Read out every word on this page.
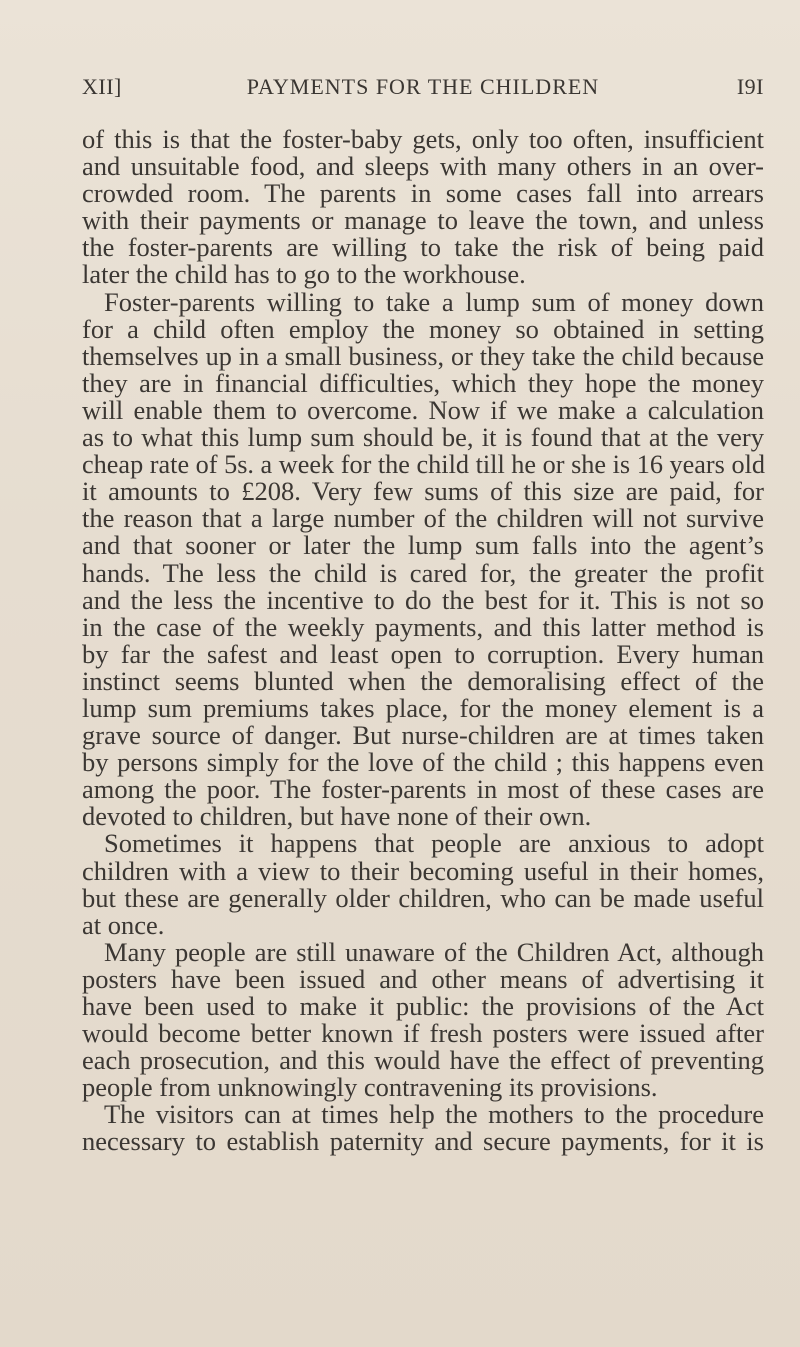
XII]	PAYMENTS FOR THE CHILDREN	I9I
of this is that the foster-baby gets, only too often, insufficient
and unsuitable food, and sleeps with many others in an over-
crowded room. The parents in some cases fall into arrears
with their payments or manage to leave the town, and unless
the foster-parents are willing to take the risk of being paid
later the child has to go to the workhouse.
Foster-parents willing to take a lump sum of money down
for a child often employ the money so obtained in setting
themselves up in a small business, or they take the child because
they are in financial difficulties, which they hope the money
will enable them to overcome. Now if we make a calculation
as to what this lump sum should be, it is found that at the very
cheap rate of 5s. a week for the child till he or she is 16 years old
it amounts to £208. Very few sums of this size are paid, for
the reason that a large number of the children will not survive
and that sooner or later the lump sum falls into the agent’s
hands. The less the child is cared for, the greater the profit
and the less the incentive to do the best for it. This is not so
in the case of the weekly payments, and this latter method is
by far the safest and least open to corruption. Every human
instinct seems blunted when the demoralising effect of the
lump sum premiums takes place, for the money element is a
grave source of danger. But nurse-children are at times taken
by persons simply for the love of the child ; this happens even
among the poor. The foster-parents in most of these cases are
devoted to children, but have none of their own.
Sometimes it happens that people are anxious to adopt
children with a view to their becoming useful in their homes,
but these are generally older children, who can be made useful
at once.
Many people are still unaware of the Children Act, although
posters have been issued and other means of advertising it
have been used to make it public: the provisions of the Act
would become better known if fresh posters were issued after
each prosecution, and this would have the effect of preventing
people from unknowingly contravening its provisions.
The visitors can at times help the mothers to the procedure
necessary to establish paternity and secure payments, for it is
